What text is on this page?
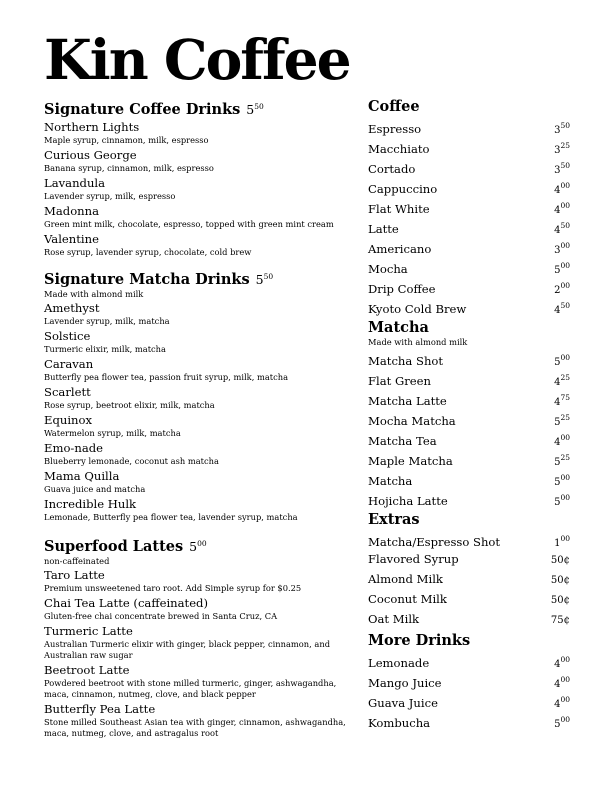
Kin Coffee
Signature Coffee Drinks $5^{50}$
Northern Lights
Maple syrup, cinnamon, milk, espresso
Curious George
Banana syrup, cinnamon, milk, espresso
Lavandula
Lavender syrup, milk, espresso
Madonna
Green mint milk, chocolate, espresso, topped with green mint cream
Valentine
Rose syrup, lavender syrup, chocolate, cold brew
Signature Matcha Drinks $5^{50}$
Made with almond milk
Amethyst
Lavender syrup, milk, matcha
Solstice
Turmeric elixir, milk, matcha
Caravan
Butterfly pea flower tea, passion fruit syrup, milk, matcha
Scarlett
Rose syrup, beetroot elixir, milk, matcha
Equinox
Watermelon syrup, milk, matcha
Emo-nade
Blueberry lemonade, coconut ash matcha
Mama Quilla
Guava juice and matcha
Incredible Hulk
Lemonade, Butterfly pea flower tea, lavender syrup, matcha
Superfood Lattes $5^{00}$
non-caffeinated
Taro Latte
Premium unsweetened taro root. Add Simple syrup for $0.25
Chai Tea Latte (caffeinated)
Gluten-free chai concentrate brewed in Santa Cruz, CA
Turmeric Latte
Australian Turmeric elixir with ginger, black pepper, cinnamon, and Australian raw sugar
Beetroot Latte
Powdered beetroot with stone milled turmeric, ginger, ashwagandha, maca, cinnamon, nutmeg, clove, and black pepper
Butterfly Pea Latte
Stone milled Southeast Asian tea with ginger, cinnamon, ashwagandha, maca, nutmeg, clove, and astragalus root
Coffee
Espresso	$3^{50}$
Macchiato	$3^{25}$
Cortado	$3^{50}$
Cappuccino	$4^{00}$
Flat White	$4^{00}$
Latte	$4^{50}$
Americano	$3^{00}$
Mocha	$5^{00}$
Drip Coffee	$2^{00}$
Kyoto Cold Brew	$4^{50}$
Matcha
Made with almond milk
Matcha Shot	$5^{00}$
Flat Green	$4^{25}$
Matcha Latte	$4^{75}$
Mocha Matcha	$5^{25}$
Matcha Tea	$4^{00}$
Maple Matcha	$5^{25}$
Matcha	$5^{00}$
Hojicha Latte	$5^{00}$
Extras
Matcha/Espresso Shot	$1^{00}$
Flavored Syrup	50¢
Almond Milk	50¢
Coconut Milk	50¢
Oat Milk	75¢
More Drinks
Lemonade	$4^{00}$
Mango Juice	$4^{00}$
Guava Juice	$4^{00}$
Kombucha	$5^{00}$
